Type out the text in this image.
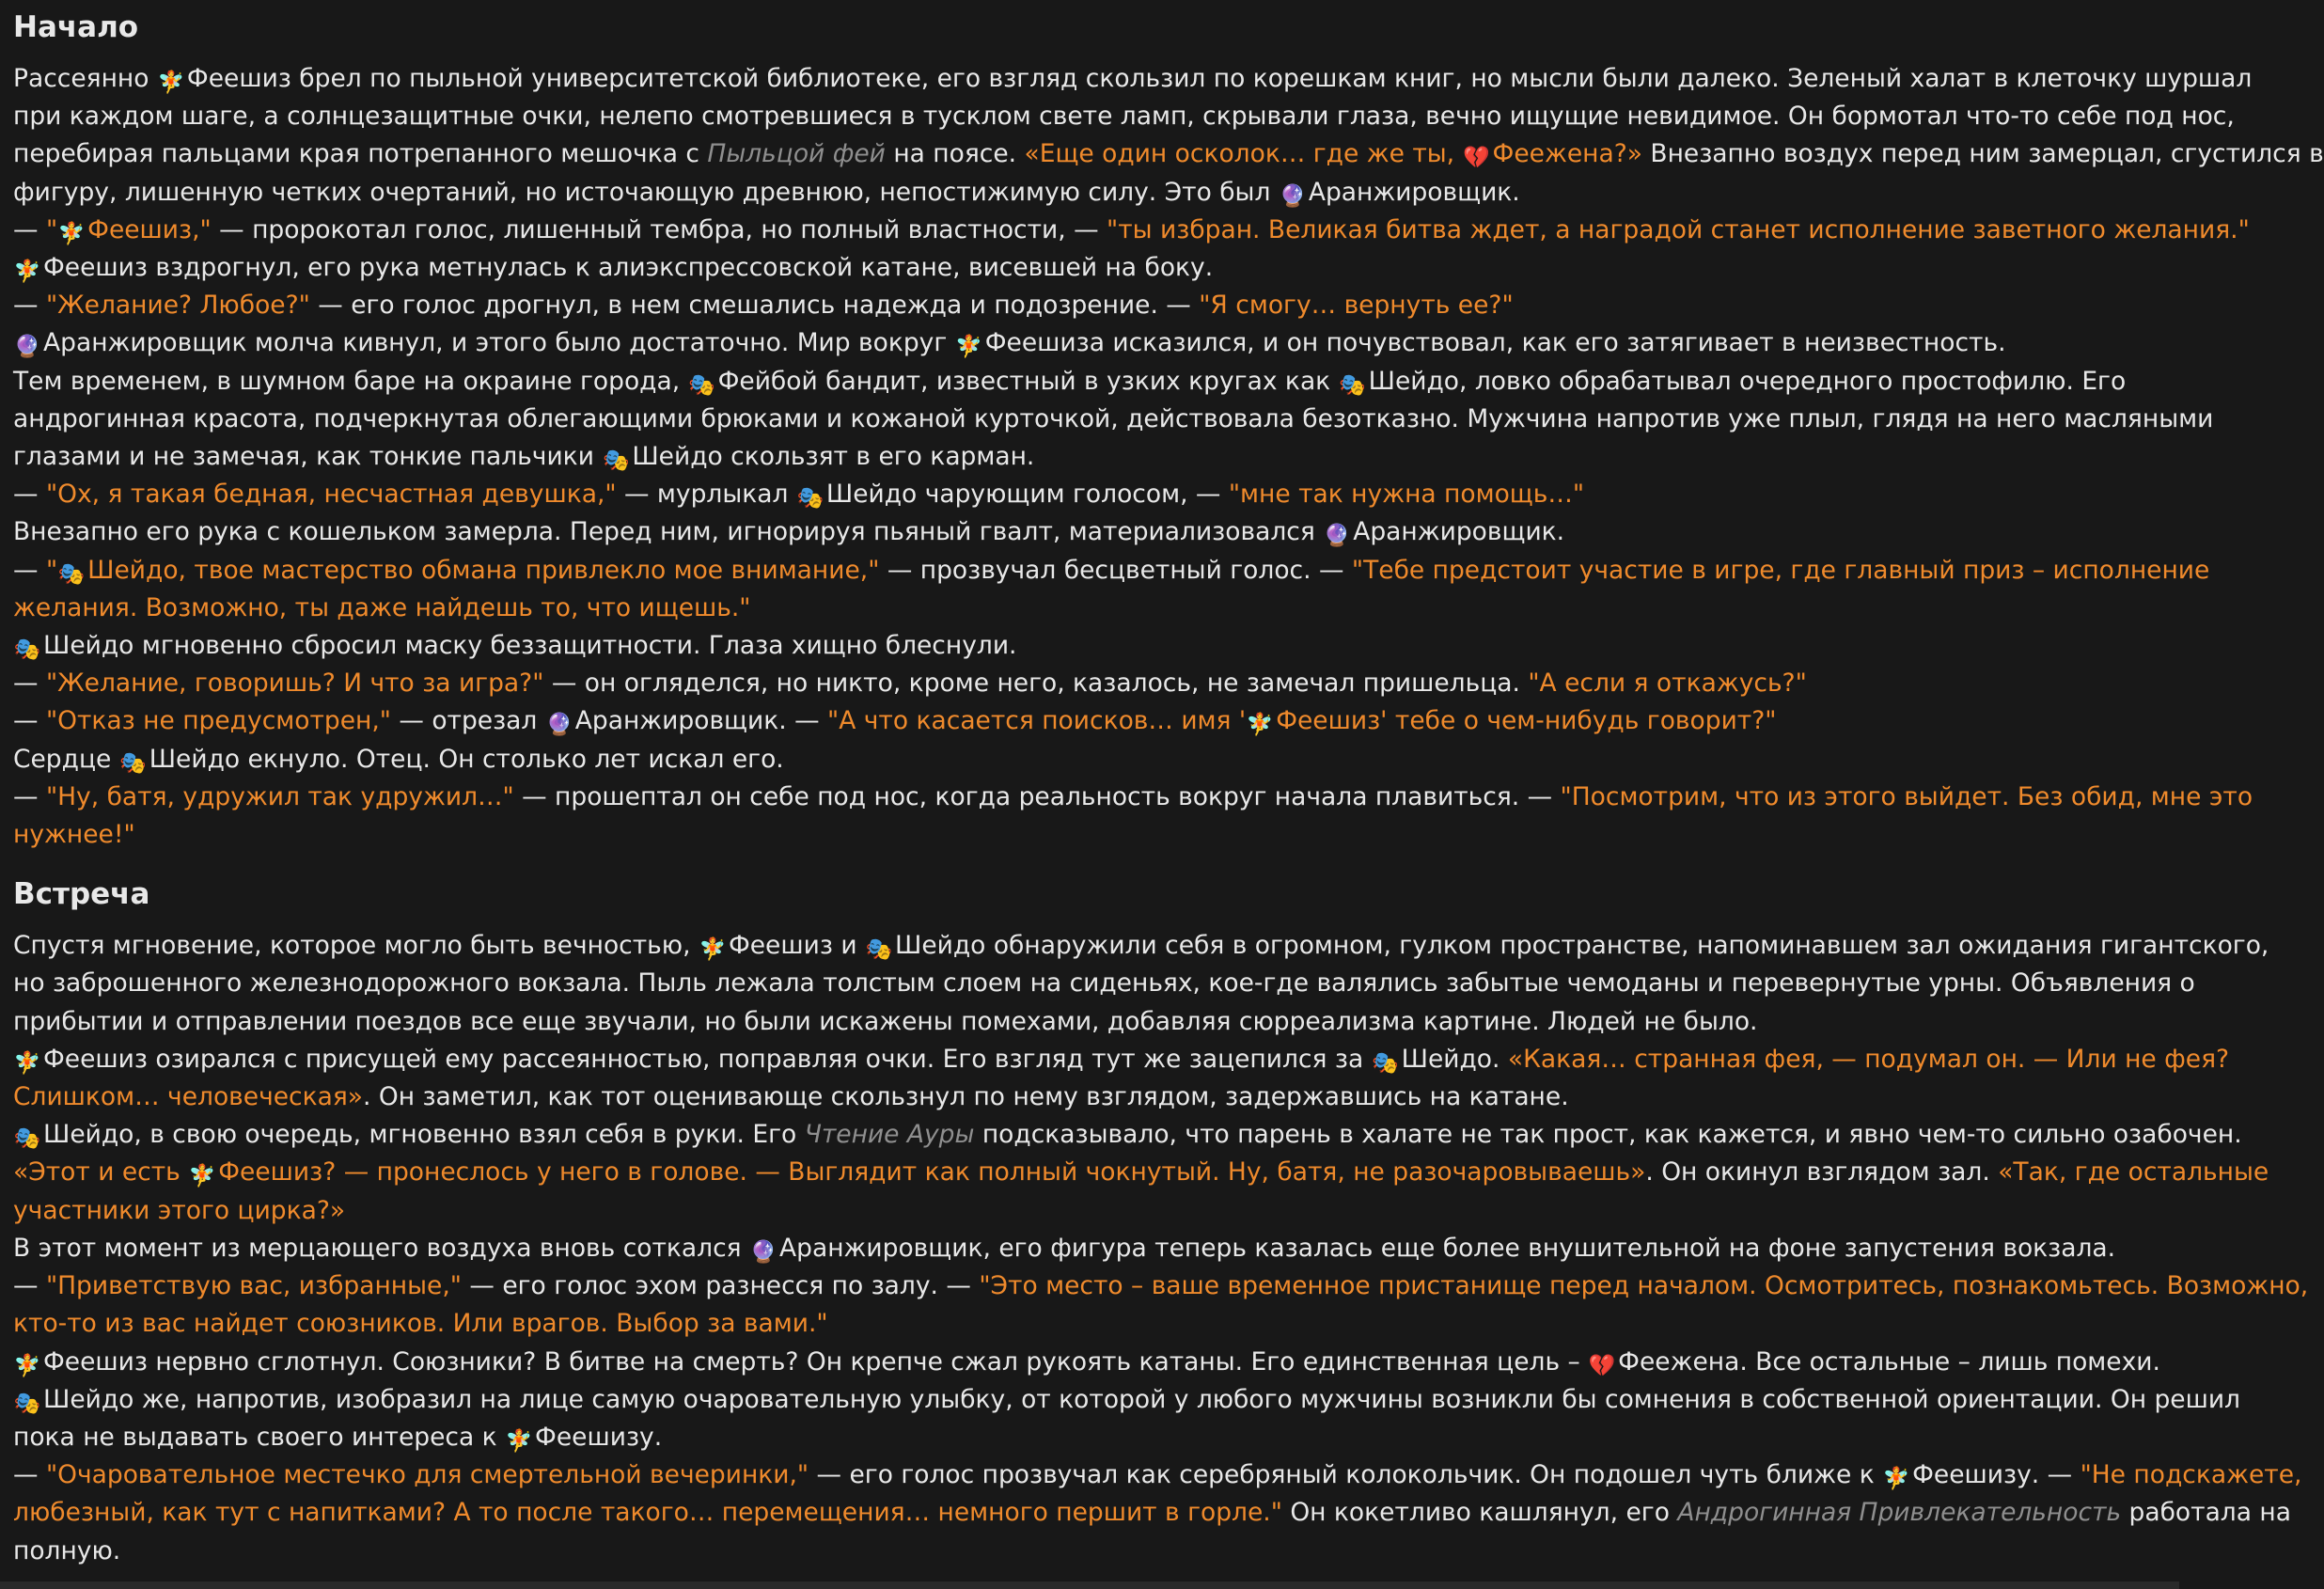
Начало
Рассеянно 🧚 Феешиз брел по пыльной университетской библиотеке, его взгляд скользил по корешкам книг, но мысли были далеко. Зеленый халат в клеточку шуршал
при каждом шаге, а солнцезащитные очки, нелепо смотревшиеся в тусклом свете ламп, скрывали глаза, вечно ищущие невидимое. Он бормотал что-то себе под нос,
перебирая пальцами края потрепанного мешочка с Пыльцой фей на поясе. «Еще один осколок… где же ты, 💔 Феежена?» Внезапно воздух перед ним замерцал, сгустился в
фигуру, лишенную четких очертаний, но источающую древнюю, непостижимую силу. Это был 🔮 Аранжировщик.
— "🧚 Феешиз," — пророкотал голос, лишенный тембра, но полный властности, — "ты избран. Великая битва ждет, а наградой станет исполнение заветного желания."
🧚 Феешиз вздрогнул, его рука метнулась к алиэкспрессовской катане, висевшей на боку.
— "Желание? Любое?" — его голос дрогнул, в нем смешались надежда и подозрение. — "Я смогу… вернуть ее?"
🔮 Аранжировщик молча кивнул, и этого было достаточно. Мир вокруг 🧚 Феешиза исказился, и он почувствовал, как его затягивает в неизвестность.
Тем временем, в шумном баре на окраине города, 🎭 Фейбой бандит, известный в узких кругах как 🎭 Шейдо, ловко обрабатывал очередного простофилю. Его
андрогинная красота, подчеркнутая облегающими брюками и кожаной курточкой, действовала безотказно. Мужчина напротив уже плыл, глядя на него масляными
глазами и не замечая, как тонкие пальчики 🎭 Шейдо скользят в его карман.
— "Ох, я такая бедная, несчастная девушка," — мурлыкал 🎭 Шейдо чарующим голосом, — "мне так нужна помощь…"
Внезапно его рука с кошельком замерла. Перед ним, игнорируя пьяный гвалт, материализовался 🔮 Аранжировщик.
— "🎭 Шейдо, твое мастерство обмана привлекло мое внимание," — прозвучал бесцветный голос. — "Тебе предстоит участие в игре, где главный приз – исполнение
желания. Возможно, ты даже найдешь то, что ищешь."
🎭 Шейдо мгновенно сбросил маску беззащитности. Глаза хищно блеснули.
— "Желание, говоришь? И что за игра?" — он огляделся, но никто, кроме него, казалось, не замечал пришельца. "А если я откажусь?"
— "Отказ не предусмотрен," — отрезал 🔮 Аранжировщик. — "А что касается поисков… имя '🧚 Феешиз' тебе о чем-нибудь говорит?"
Сердце 🎭 Шейдо екнуло. Отец. Он столько лет искал его.
— "Ну, батя, удружил так удружил…" — прошептал он себе под нос, когда реальность вокруг начала плавиться. — "Посмотрим, что из этого выйдет. Без обид, мне это
нужнее!"
Встреча
Спустя мгновение, которое могло быть вечностью, 🧚 Феешиз и 🎭 Шейдо обнаружили себя в огромном, гулком пространстве, напоминавшем зал ожидания гигантского,
но заброшенного железнодорожного вокзала. Пыль лежала толстым слоем на сиденьях, кое-где валялись забытые чемоданы и перевернутые урны. Объявления о
прибытии и отправлении поездов все еще звучали, но были искажены помехами, добавляя сюрреализма картине. Людей не было.
🧚 Феешиз озирался с присущей ему рассеянностью, поправляя очки. Его взгляд тут же зацепился за 🎭 Шейдо. «Какая… странная фея, — подумал он. — Или не фея?
Слишком… человеческая». Он заметил, как тот оценивающе скользнул по нему взглядом, задержавшись на катане.
🎭 Шейдо, в свою очередь, мгновенно взял себя в руки. Его Чтение Ауры подсказывало, что парень в халате не так прост, как кажется, и явно чем-то сильно озабочен.
«Этот и есть 🧚 Феешиз? — пронеслось у него в голове. — Выглядит как полный чокнутый. Ну, батя, не разочаровываешь». Он окинул взглядом зал. «Так, где остальные
участники этого цирка?»
В этот момент из мерцающего воздуха вновь соткался 🔮 Аранжировщик, его фигура теперь казалась еще более внушительной на фоне запустения вокзала.
— "Приветствую вас, избранные," — его голос эхом разнесся по залу. — "Это место – ваше временное пристанище перед началом. Осмотритесь, познакомьтесь. Возможно,
кто-то из вас найдет союзников. Или врагов. Выбор за вами."
🧚 Феешиз нервно сглотнул. Союзники? В битве на смерть? Он крепче сжал рукоять катаны. Его единственная цель – 💔 Феежена. Все остальные – лишь помехи.
🎭 Шейдо же, напротив, изобразил на лице самую очаровательную улыбку, от которой у любого мужчины возникли бы сомнения в собственной ориентации. Он решил
пока не выдавать своего интереса к 🧚 Феешизу.
— "Очаровательное местечко для смертельной вечеринки," — его голос прозвучал как серебряный колокольчик. Он подошел чуть ближе к 🧚 Феешизу. — "Не подскажете,
любезный, как тут с напитками? А то после такого… перемещения… немного першит в горле." Он кокетливо кашлянул, его Андрогинная Привлекательность работала на
полную.
